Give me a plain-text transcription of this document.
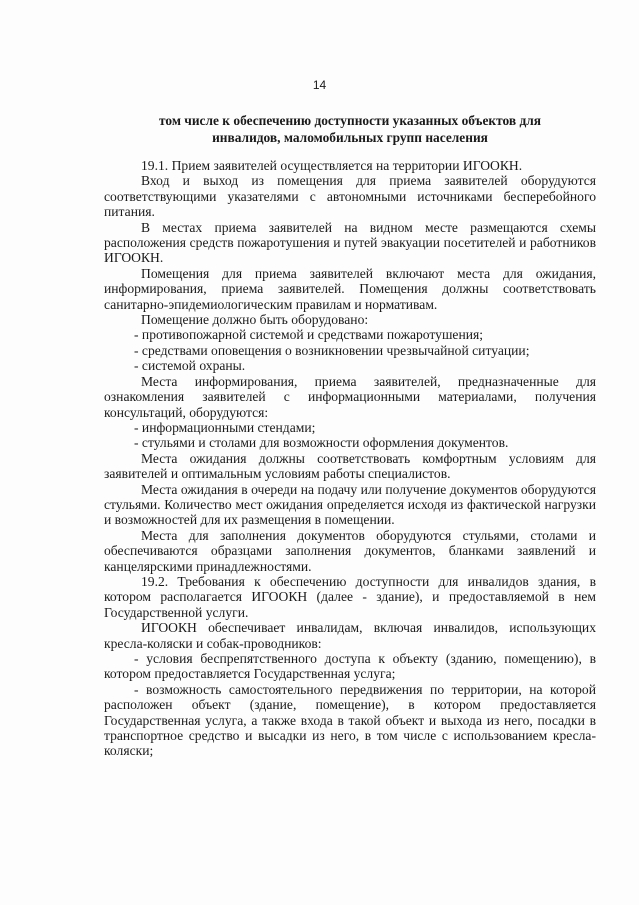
14
том числе к обеспечению доступности указанных объектов для
инвалидов, маломобильных групп населения

19.1. Прием заявителей осуществляется на территории ИГООКН.

Вход и выход из помещения для приема заявителей оборудуются соответствующими указателями с автономными источниками бесперебойного питания.

В местах приема заявителей на видном месте размещаются схемы расположения средств пожаротушения и путей эвакуации посетителей и работников ИГООКН.

Помещения для приема заявителей включают места для ожидания, информирования, приема заявителей. Помещения должны соответствовать санитарно-эпидемиологическим правилам и нормативам.

Помещение должно быть оборудовано:

- противопожарной системой и средствами пожаротушения;

- средствами оповещения о возникновении чрезвычайной ситуации;

- системой охраны.

Места информирования, приема заявителей, предназначенные для ознакомления заявителей с информационными материалами, получения консультаций, оборудуются:

- информационными стендами;

- стульями и столами для возможности оформления документов.

Места ожидания должны соответствовать комфортным условиям для заявителей и оптимальным условиям работы специалистов.

Места ожидания в очереди на подачу или получение документов оборудуются стульями. Количество мест ожидания определяется исходя из фактической нагрузки и возможностей для их размещения в помещении.

Места для заполнения документов оборудуются стульями, столами и обеспечиваются образцами заполнения документов, бланками заявлений и канцелярскими принадлежностями.

19.2. Требования к обеспечению доступности для инвалидов здания, в котором располагается ИГООКН (далее - здание), и предоставляемой в нем Государственной услуги.

ИГООКН обеспечивает инвалидам, включая инвалидов, использующих кресла-коляски и собак-проводников:

- условия беспрепятственного доступа к объекту (зданию, помещению), в котором предоставляется Государственная услуга;

- возможность самостоятельного передвижения по территории, на которой расположен объект (здание, помещение), в котором предоставляется Государственная услуга, а также входа в такой объект и выхода из него, посадки в транспортное средство и высадки из него, в том числе с использованием кресла-коляски;
